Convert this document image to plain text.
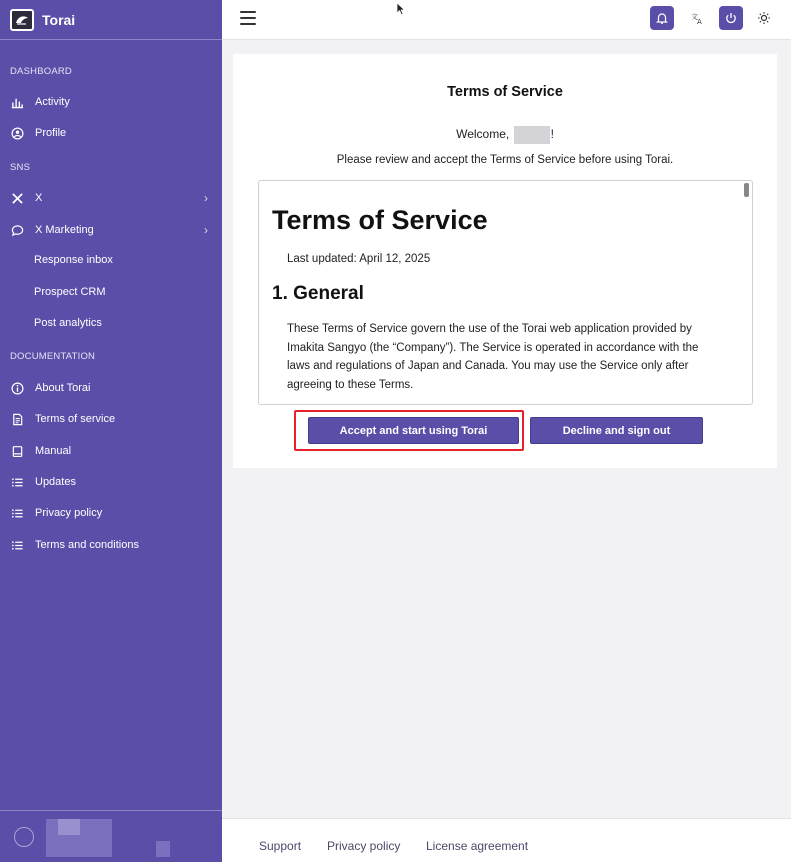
Torai
DASHBOARD
Activity
Profile
SNS
X	›
X Marketing	›
Response inbox
Prospect CRM
Post analytics
DOCUMENTATION
About Torai
Terms of service
Manual
Updates
Privacy policy
Terms and conditions
文
A
Terms of Service
Welcome,	!
Please review and accept the Terms of Service before using Torai.
Terms of Service
Last updated: April 12, 2025
1. General
These Terms of Service govern the use of the Torai web application provided by Imakita Sangyo (the “Company”). The Service is operated in accordance with the laws and regulations of Japan and Canada. You may use the Service only after agreeing to these Terms.
Accept and start using Torai	Decline and sign out
Support Privacy policy License agreement
